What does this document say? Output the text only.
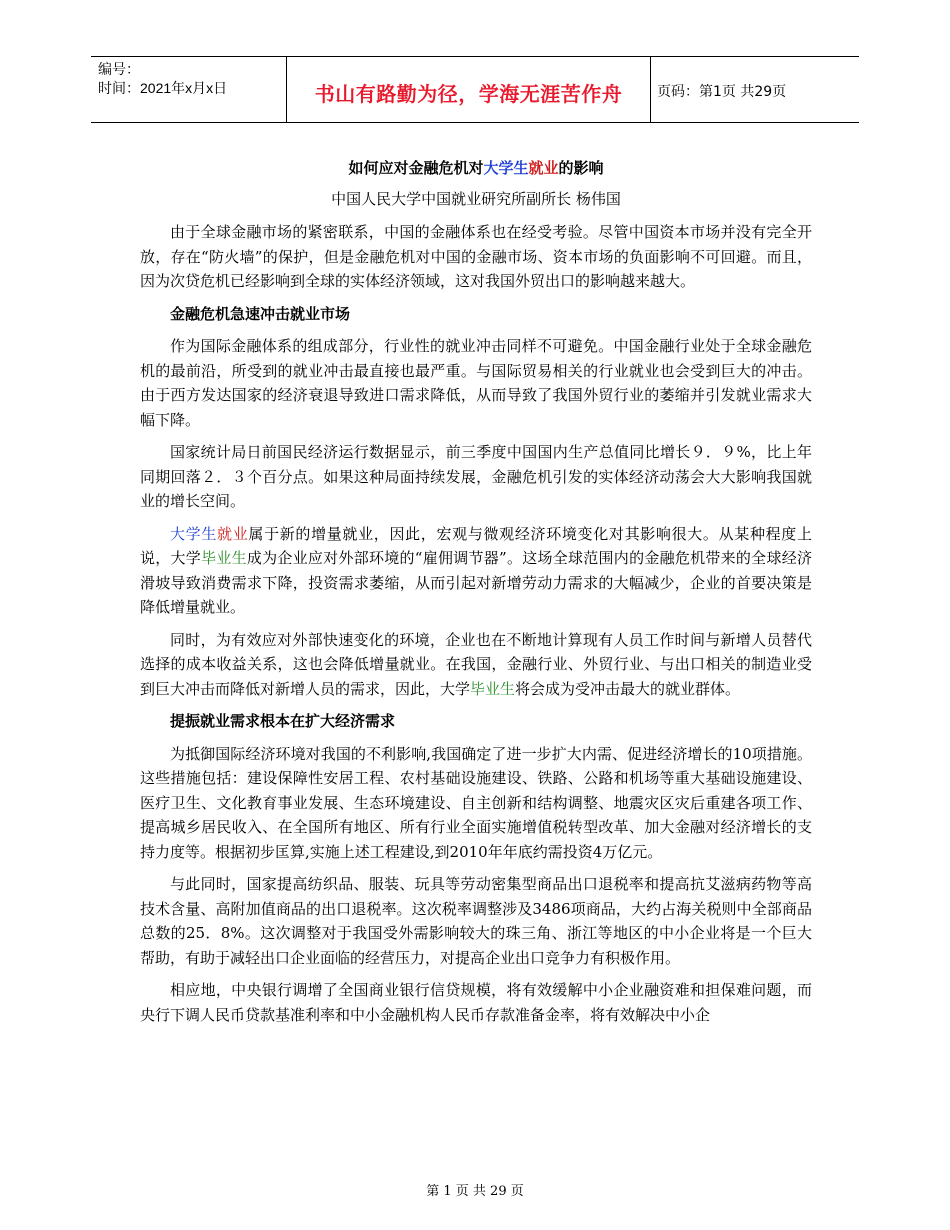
编号：
时间：2021年x月x日	书山有路勤为径，学海无涯苦作舟	页码：第1页 共29页
如何应对金融危机对大学生就业的影响
中国人民大学中国就业研究所副所长 杨伟国

由于全球金融市场的紧密联系，中国的金融体系也在经受考验。尽管中国资本市场并没有完全开放，存在“防火墙”的保护，但是金融危机对中国的金融市场、资本市场的负面影响不可回避。而且，因为次贷危机已经影响到全球的实体经济领域，这对我国外贸出口的影响越来越大。

金融危机急速冲击就业市场

作为国际金融体系的组成部分，行业性的就业冲击同样不可避免。中国金融行业处于全球金融危机的最前沿，所受到的就业冲击最直接也最严重。与国际贸易相关的行业就业也会受到巨大的冲击。由于西方发达国家的经济衰退导致进口需求降低，从而导致了我国外贸行业的萎缩并引发就业需求大幅下降。

国家统计局日前国民经济运行数据显示，前三季度中国国内生产总值同比增长９．９%，比上年同期回落２．３个百分点。如果这种局面持续发展，金融危机引发的实体经济动荡会大大影响我国就业的增长空间。

大学生就业属于新的增量就业，因此，宏观与微观经济环境变化对其影响很大。从某种程度上说，大学毕业生成为企业应对外部环境的“雇佣调节器”。这场全球范围内的金融危机带来的全球经济滑坡导致消费需求下降，投资需求萎缩，从而引起对新增劳动力需求的大幅减少，企业的首要决策是降低增量就业。

同时，为有效应对外部快速变化的环境，企业也在不断地计算现有人员工作时间与新增人员替代选择的成本收益关系，这也会降低增量就业。在我国，金融行业、外贸行业、与出口相关的制造业受到巨大冲击而降低对新增人员的需求，因此，大学毕业生将会成为受冲击最大的就业群体。

提振就业需求根本在扩大经济需求

为抵御国际经济环境对我国的不利影响,我国确定了进一步扩大内需、促进经济增长的10项措施。这些措施包括：建设保障性安居工程、农村基础设施建设、铁路、公路和机场等重大基础设施建设、医疗卫生、文化教育事业发展、生态环境建设、自主创新和结构调整、地震灾区灾后重建各项工作、提高城乡居民收入、在全国所有地区、所有行业全面实施增值税转型改革、加大金融对经济增长的支持力度等。根据初步匡算,实施上述工程建设,到2010年年底约需投资4万亿元。

与此同时，国家提高纺织品、服装、玩具等劳动密集型商品出口退税率和提高抗艾滋病药物等高技术含量、高附加值商品的出口退税率。这次税率调整涉及3486项商品，大约占海关税则中全部商品总数的25．8%。这次调整对于我国受外需影响较大的珠三角、浙江等地区的中小企业将是一个巨大帮助，有助于减轻出口企业面临的经营压力，对提高企业出口竞争力有积极作用。

相应地，中央银行调增了全国商业银行信贷规模，将有效缓解中小企业融资难和担保难问题，而央行下调人民币贷款基准利率和中小金融机构人民币存款准备金率，将有效解决中小企

第 1 页 共 29 页
